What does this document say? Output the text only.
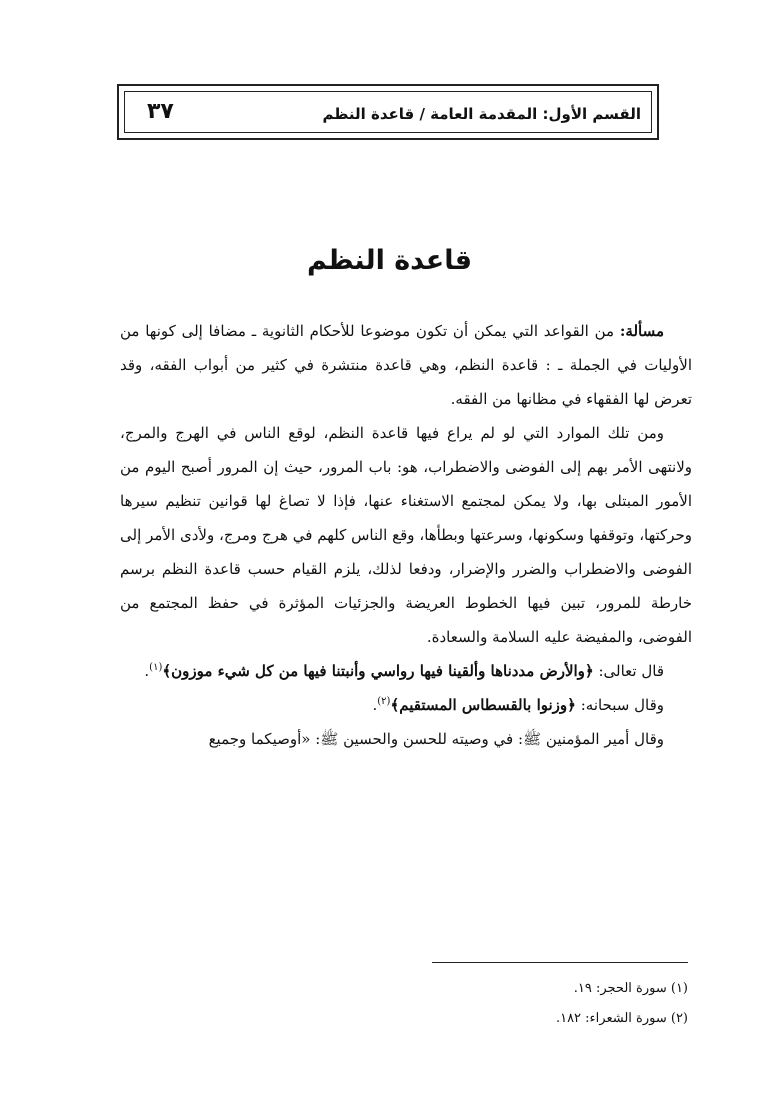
القسم الأول: المقدمة العامة / قاعدة النظم
٣٧
قاعدة النظم

مسألة: من القواعد التي يمكن أن تكون موضوعا للأحكام الثانوية ـ مضافا إلى كونها من الأوليات في الجملة ـ : قاعدة النظم، وهي قاعدة منتشرة في كثير من أبواب الفقه، وقد تعرض لها الفقهاء في مظانها من الفقه.

ومن تلك الموارد التي لو لم يراع فيها قاعدة النظم، لوقع الناس في الهرج والمرج، ولانتهى الأمر بهم إلى الفوضى والاضطراب، هو: باب المرور، حيث إن المرور أصبح اليوم من الأمور المبتلى بها، ولا يمكن لمجتمع الاستغناء عنها، فإذا لا تصاغ لها قوانين تنظيم سيرها وحركتها، وتوقفها وسكونها، وسرعتها وبطأها، وقع الناس كلهم في هرج ومرج، ولأدى الأمر إلى الفوضى والاضطراب والضرر والإضرار، ودفعا لذلك، يلزم القيام حسب قاعدة النظم برسم خارطة للمرور، تبين فيها الخطوط العريضة والجزئيات المؤثرة في حفظ المجتمع من الفوضى، والمفيضة عليه السلامة والسعادة.

قال تعالى: ﴿والأرض مددناها وألقينا فيها رواسي وأنبتنا فيها من كل شيء موزون﴾$^{(١)}$.

وقال سبحانه: ﴿وزنوا بالقسطاس المستقيم﴾$^{(٢)}$.

وقال أمير المؤمنين ﷺ: في وصيته للحسن والحسين ﷺ: «أوصيكما وجميع

(١) سورة الحجر: ١٩.
(٢) سورة الشعراء: ١٨٢.
